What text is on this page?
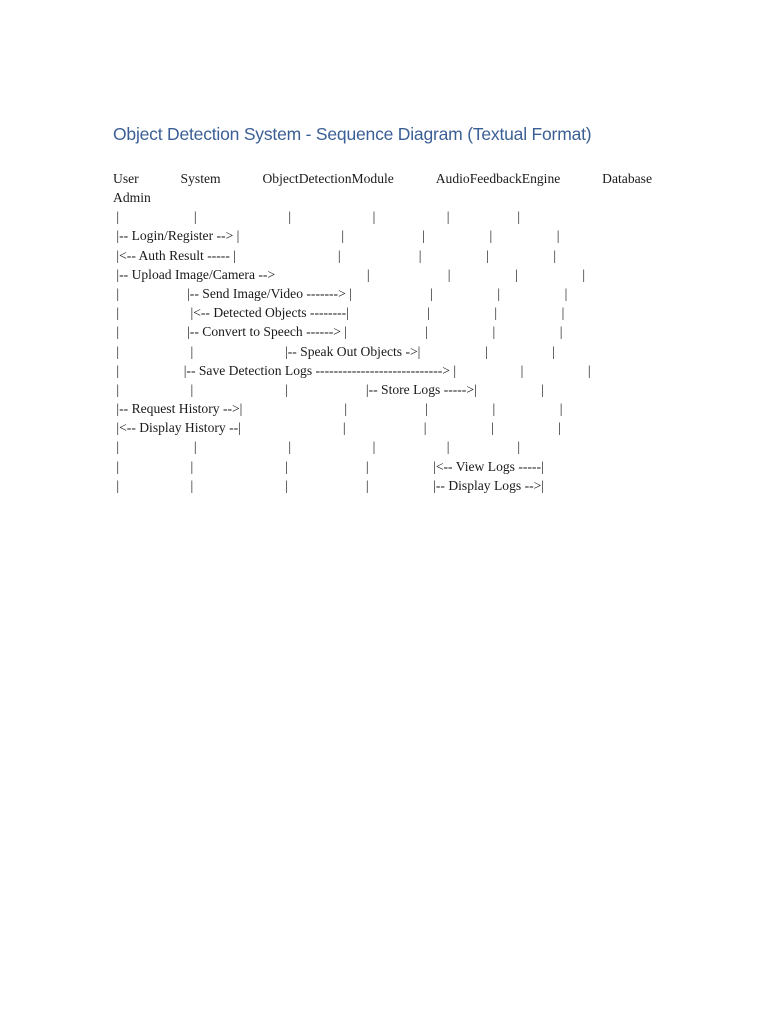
Object Detection System - Sequence Diagram (Textual Format)
User	System	ObjectDetectionModule	AudioFeedbackEngine	Database
Admin
|                      |                           |                        |                     |                    |
|-- Login/Register --> |                              |                       |                   |                   |
|<-- Auth Result ----- |                              |                       |                   |                   |
|-- Upload Image/Camera -->                           |                       |                   |                   |
|                    |-- Send Image/Video -------> |                       |                   |                   |
|                     |<-- Detected Objects --------|                       |                   |                   |
|                    |-- Convert to Speech ------> |                       |                   |                   |
|                     |                           |-- Speak Out Objects ->|                   |                   |
|                   |-- Save Detection Logs ----------------------------> |                   |                   |
|                     |                           |                       |-- Store Logs ----->|                   |
|-- Request History -->|                              |                       |                   |                   |
|<-- Display History --|                              |                       |                   |                   |
|                      |                           |                        |                     |                    |
|                     |                           |                       |                   |<-- View Logs -----|
|                     |                           |                       |                   |-- Display Logs -->|
